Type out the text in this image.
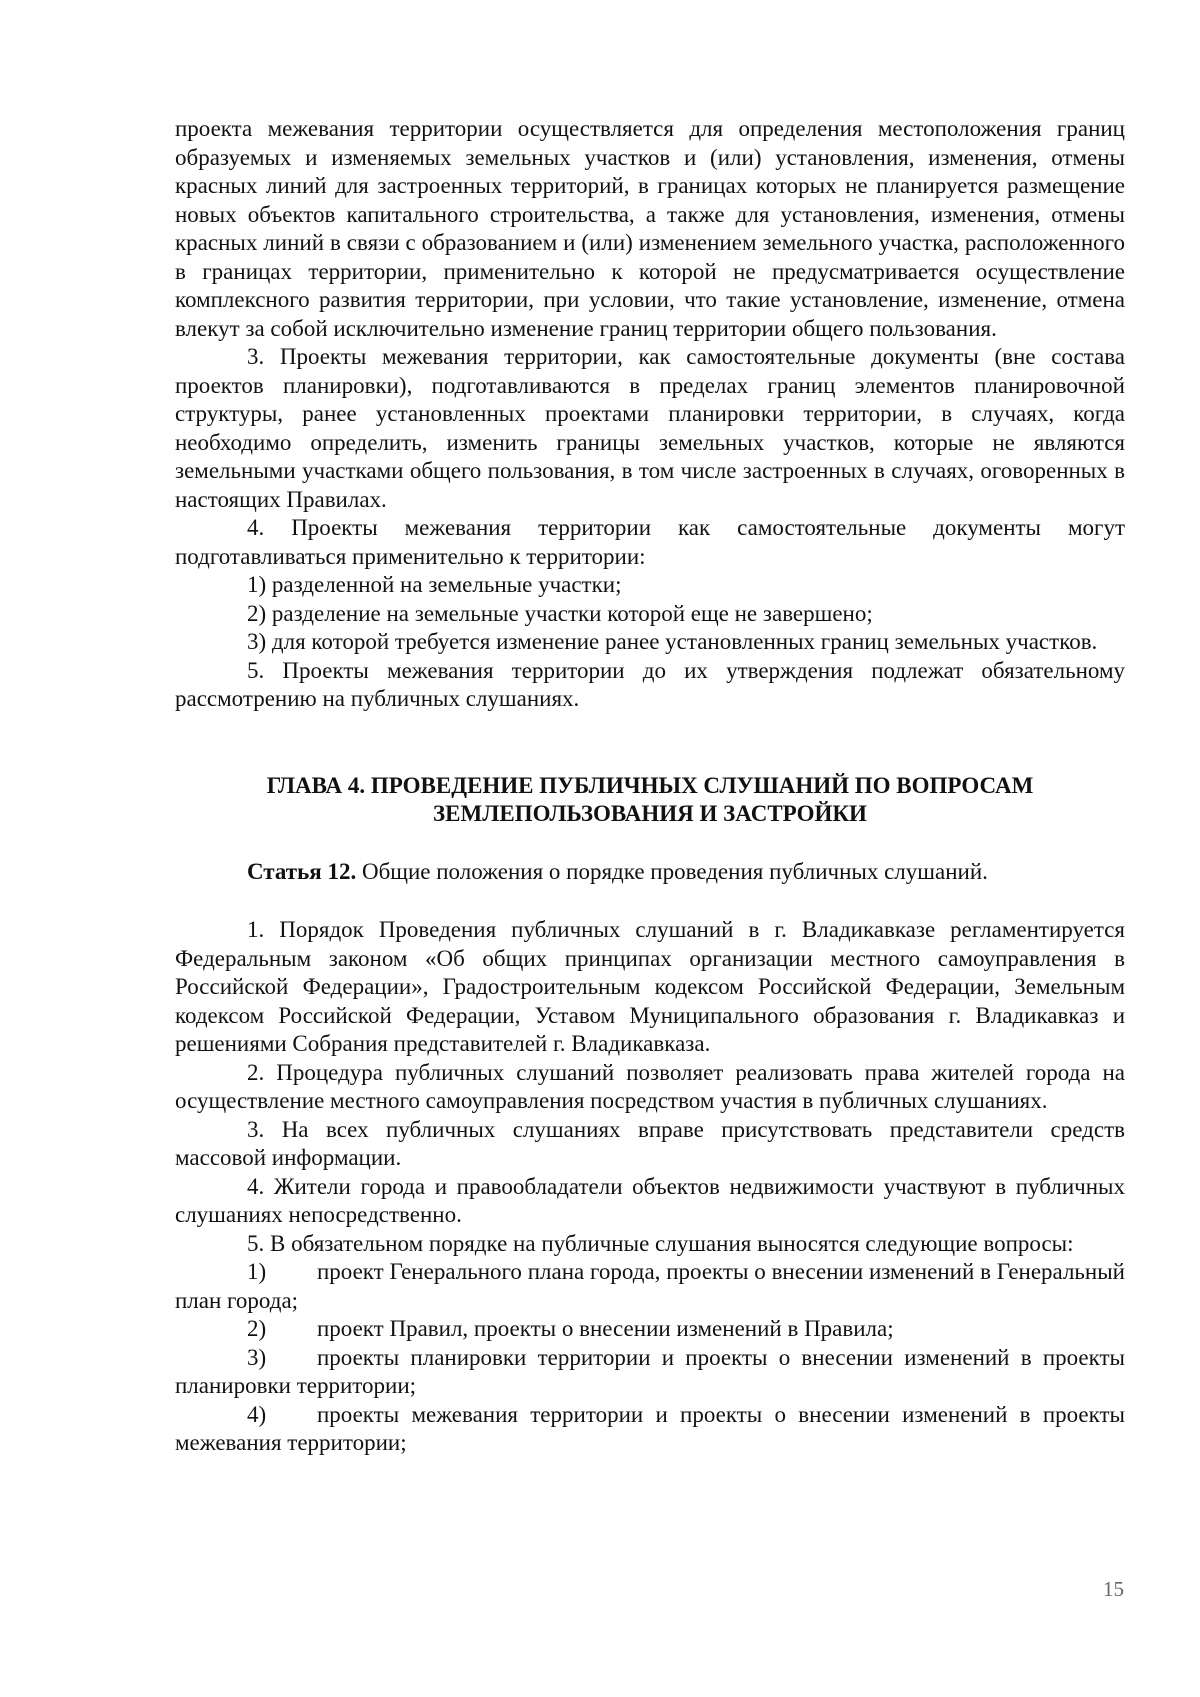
проекта межевания территории осуществляется для определения местоположения границ образуемых и изменяемых земельных участков и (или) установления, изменения, отмены красных линий для застроенных территорий, в границах которых не планируется размещение новых объектов капитального строительства, а также для установления, изменения, отмены красных линий в связи с образованием и (или) изменением земельного участка, расположенного в границах территории, применительно к которой не предусматривается осуществление комплексного развития территории, при условии, что такие установление, изменение, отмена влекут за собой исключительно изменение границ территории общего пользования.

3. Проекты межевания территории, как самостоятельные документы (вне состава проектов планировки), подготавливаются в пределах границ элементов планировочной структуры, ранее установленных проектами планировки территории, в случаях, когда необходимо определить, изменить границы земельных участков, которые не являются земельными участками общего пользования, в том числе застроенных в случаях, оговоренных в настоящих Правилах.

4. Проекты межевания территории как самостоятельные документы могут подготавливаться применительно к территории:

1) разделенной на земельные участки;

2) разделение на земельные участки которой еще не завершено;

3) для которой требуется изменение ранее установленных границ земельных участков.

5. Проекты межевания территории до их утверждения подлежат обязательному рассмотрению на публичных слушаниях.

ГЛАВА 4. ПРОВЕДЕНИЕ ПУБЛИЧНЫХ СЛУШАНИЙ ПО ВОПРОСАМ
ЗЕМЛЕПОЛЬЗОВАНИЯ И ЗАСТРОЙКИ

Статья 12. Общие положения о порядке проведения публичных слушаний.

1. Порядок Проведения публичных слушаний в г. Владикавказе регламентируется Федеральным законом «Об общих принципах организации местного самоуправления в Российской Федерации», Градостроительным кодексом Российской Федерации, Земельным кодексом Российской Федерации, Уставом Муниципального образования г. Владикавказ и решениями Собрания представителей г. Владикавказа.

2. Процедура публичных слушаний позволяет реализовать права жителей города на осуществление местного самоуправления посредством участия в публичных слушаниях.

3. На всех публичных слушаниях вправе присутствовать представители средств массовой информации.

4. Жители города и правообладатели объектов недвижимости участвуют в публичных слушаниях непосредственно.

5. В обязательном порядке на публичные слушания выносятся следующие вопросы:

1) проект Генерального плана города, проекты о внесении изменений в Генеральный план города;

2) проект Правил, проекты о внесении изменений в Правила;

3) проекты планировки территории и проекты о внесении изменений в проекты планировки территории;

4) проекты межевания территории и проекты о внесении изменений в проекты межевания территории;

15
